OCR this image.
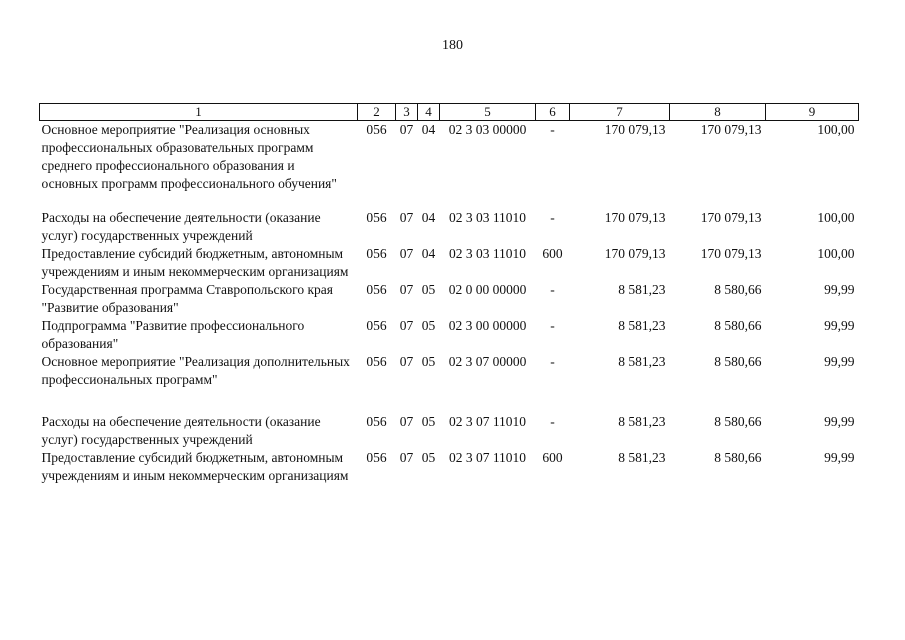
180
1	2	3	4	5	6	7	8	9
Основное мероприятие "Реализация основных профессиональных образовательных программ среднего профессионального образования и основных программ профессионального обучения"	056	07	04	02 3 03 00000	-	170 079,13	170 079,13	100,00
Расходы на обеспечение деятельности (оказание услуг) государственных учреждений	056	07	04	02 3 03 11010	-	170 079,13	170 079,13	100,00
Предоставление субсидий бюджетным, автономным учреждениям и иным некоммерческим организациям	056	07	04	02 3 03 11010	600	170 079,13	170 079,13	100,00
Государственная программа Ставропольского края "Развитие образования"	056	07	05	02 0 00 00000	-	8 581,23	8 580,66	99,99
Подпрограмма "Развитие профессионального образования"	056	07	05	02 3 00 00000	-	8 581,23	8 580,66	99,99
Основное мероприятие "Реализация дополнительных профессиональных программ"	056	07	05	02 3 07 00000	-	8 581,23	8 580,66	99,99
Расходы на обеспечение деятельности (оказание услуг) государственных учреждений	056	07	05	02 3 07 11010	-	8 581,23	8 580,66	99,99
Предоставление субсидий бюджетным, автономным учреждениям и иным некоммерческим организациям	056	07	05	02 3 07 11010	600	8 581,23	8 580,66	99,99
